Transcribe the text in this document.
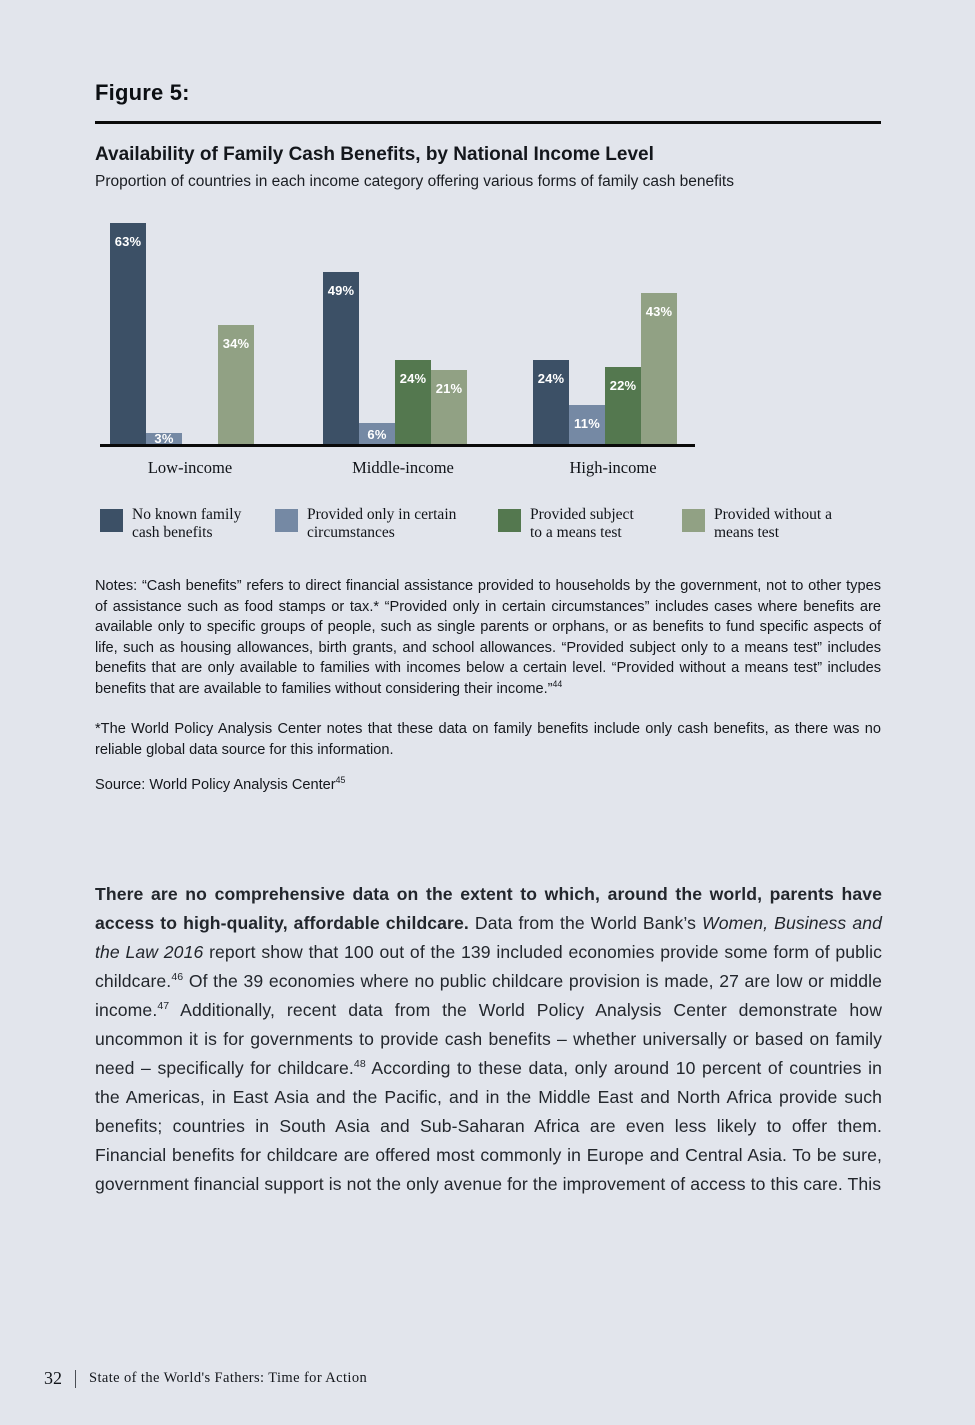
Figure 5:
Availability of Family Cash Benefits, by National Income Level
Proportion of countries in each income category offering various forms of family cash benefits
63%
3%
34%
Low-income
49%
6%
24%
21%
Middle-income
24%
11%
22%
43%
High-income
No known family
cash benefits
Provided only in certain
circumstances
Provided subject
to a means test
Provided without a
means test
Notes: “Cash benefits” refers to direct financial assistance provided to households by the government, not to other types of assistance such as food stamps or tax.* “Provided only in certain circumstances” includes cases where benefits are available only to specific groups of people, such as single parents or orphans, or as benefits to fund specific aspects of life, such as housing allowances, birth grants, and school allowances. “Provided subject only to a means test” includes benefits that are only available to families with incomes below a certain level. “Provided without a means test” includes benefits that are available to families without considering their income.”$^{44}$
*The World Policy Analysis Center notes that these data on family benefits include only cash benefits, as there was no reliable global data source for this information.
Source: World Policy Analysis Center$^{45}$
There are no comprehensive data on the extent to which, around the world, parents have access to high-quality, affordable childcare. Data from the World Bank’s Women, Business and the Law 2016 report show that 100 out of the 139 included economies provide some form of public childcare.$^{46}$ Of the 39 economies where no public childcare provision is made, 27 are low or middle income.$^{47}$ Additionally, recent data from the World Policy Analysis Center demonstrate how uncommon it is for governments to provide cash benefits – whether universally or based on family need – specifically for childcare.$^{48}$ According to these data, only around 10 percent of countries in the Americas, in East Asia and the Pacific, and in the Middle East and North Africa provide such benefits; countries in South Asia and Sub-Saharan Africa are even less likely to offer them. Financial benefits for childcare are offered most commonly in Europe and Central Asia. To be sure, government financial support is not the only avenue for the improvement of access to this care. This
32 State of the World's Fathers: Time for Action
